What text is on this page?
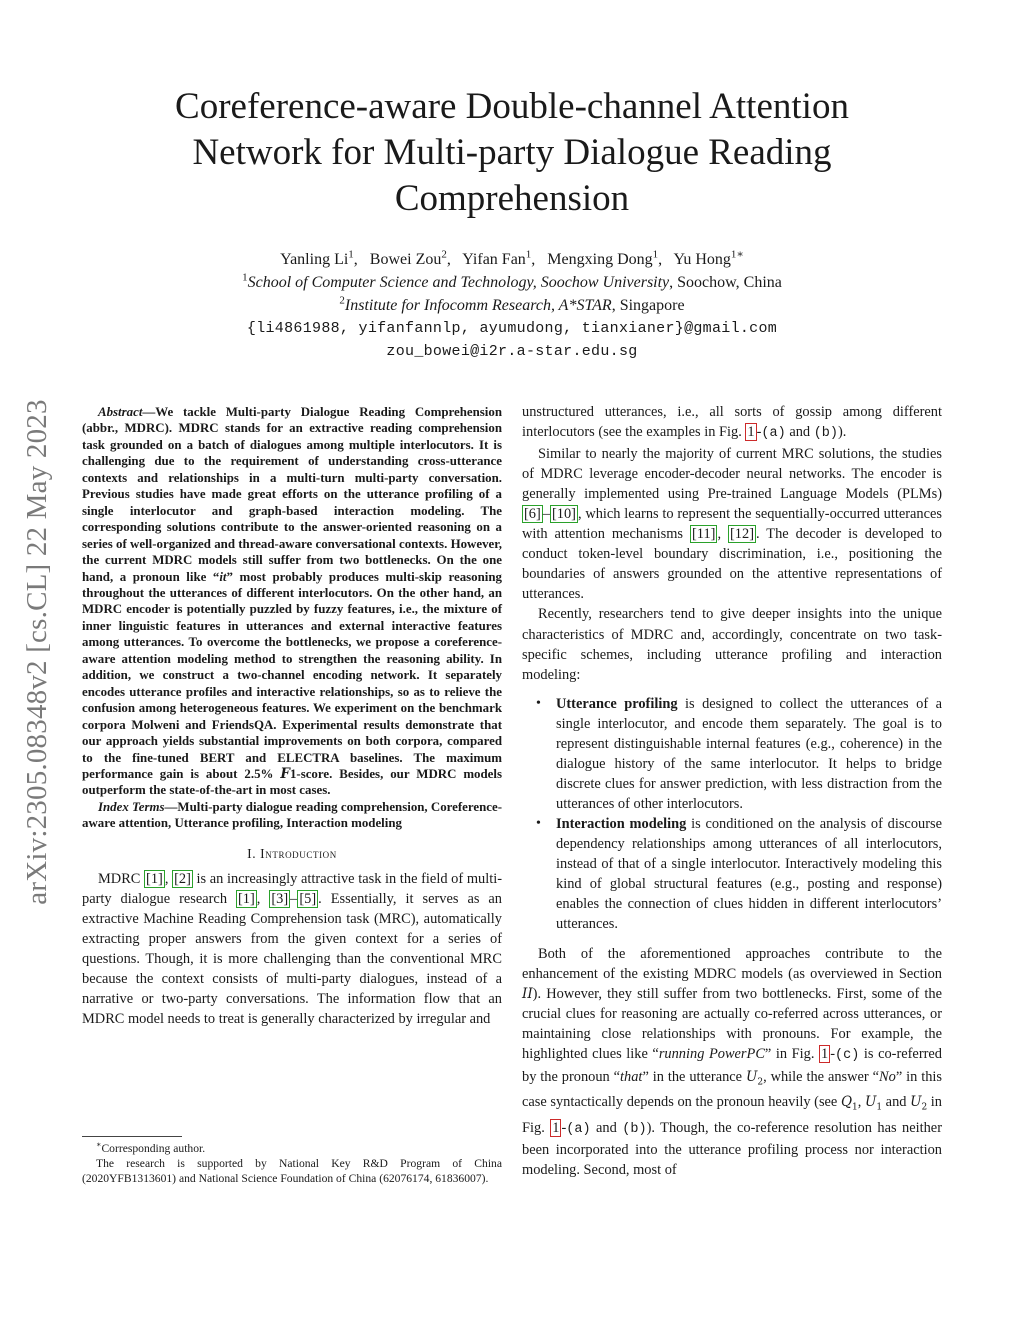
arXiv:2305.08348v2 [cs.CL] 22 May 2023
Coreference-aware Double-channel Attention
Network for Multi-party Dialogue Reading
Comprehension
Yanling Li$^1$,   Bowei Zou$^2$,   Yifan Fan$^1$,   Mengxing Dong$^1$,   Yu Hong$^{1∗}$
$^1$School of Computer Science and Technology, Soochow University, Soochow, China
$^2$Institute for Infocomm Research, A*STAR, Singapore
{li4861988, yifanfannlp, ayumudong, tianxianer}@gmail.com
zou_bowei@i2r.a-star.edu.sg

Abstract—We tackle Multi-party Dialogue Reading Comprehension (abbr., MDRC). MDRC stands for an extractive reading comprehension task grounded on a batch of dialogues among multiple interlocutors. It is challenging due to the requirement of understanding cross-utterance contexts and relationships in a multi-turn multi-party conversation. Previous studies have made great efforts on the utterance profiling of a single interlocutor and graph-based interaction modeling. The corresponding solutions contribute to the answer-oriented reasoning on a series of well-organized and thread-aware conversational contexts. However, the current MDRC models still suffer from two bottlenecks. On the one hand, a pronoun like “it” most probably produces multi-skip reasoning throughout the utterances of different interlocutors. On the other hand, an MDRC encoder is potentially puzzled by fuzzy features, i.e., the mixture of inner linguistic features in utterances and external interactive features among utterances. To overcome the bottlenecks, we propose a coreference-aware attention modeling method to strengthen the reasoning ability. In addition, we construct a two-channel encoding network. It separately encodes utterance profiles and interactive relationships, so as to relieve the confusion among heterogeneous features. We experiment on the benchmark corpora Molweni and FriendsQA. Experimental results demonstrate that our approach yields substantial improvements on both corpora, compared to the fine-tuned BERT and ELECTRA baselines. The maximum performance gain is about 2.5% F1-score. Besides, our MDRC models outperform the state-of-the-art in most cases.

Index Terms—Multi-party dialogue reading comprehension, Coreference-aware attention, Utterance profiling, Interaction modeling

I. Introduction

MDRC [1] , [2] is an increasingly attractive task in the field of multi-party dialogue research [1] , [3] – [5] . Essentially, it serves as an extractive Machine Reading Comprehension task (MRC), automatically extracting proper answers from the given context for a series of questions. Though, it is more challenging than the conventional MRC because the context consists of multi-party dialogues, instead of a narrative or two-party conversations. The information flow that an MDRC model needs to treat is generally characterized by irregular and

∗Corresponding author.

The research is supported by National Key R&D Program of China (2020YFB1313601) and National Science Foundation of China (62076174, 61836007).

unstructured utterances, i.e., all sorts of gossip among different interlocutors (see the examples in Fig. 1 -(a) and (b)).

Similar to nearly the majority of current MRC solutions, the studies of MDRC leverage encoder-decoder neural networks. The encoder is generally implemented using Pre-trained Language Models (PLMs) [6] – [10] , which learns to represent the sequentially-occurred utterances with attention mechanisms [11] , [12] . The decoder is developed to conduct token-level boundary discrimination, i.e., positioning the boundaries of answers grounded on the attentive representations of utterances.

Recently, researchers tend to give deeper insights into the unique characteristics of MDRC and, accordingly, concentrate on two task-specific schemes, including utterance profiling and interaction modeling:

• Utterance profiling is designed to collect the utterances of a single interlocutor, and encode them separately. The goal is to represent distinguishable internal features (e.g., coherence) in the dialogue history of the same interlocutor. It helps to bridge discrete clues for answer prediction, with less distraction from the utterances of other interlocutors.
• Interaction modeling is conditioned on the analysis of discourse dependency relationships among utterances of all interlocutors, instead of that of a single interlocutor. Interactively modeling this kind of global structural features (e.g., posting and response) enables the connection of clues hidden in different interlocutors’ utterances.

Both of the aforementioned approaches contribute to the enhancement of the existing MDRC models (as overviewed in Section II). However, they still suffer from two bottlenecks. First, some of the crucial clues for reasoning are actually co-referred across utterances, or maintaining close relationships with pronouns. For example, the highlighted clues like “running PowerPC” in Fig. 1 -(c) is co-referred by the pronoun “that” in the utterance $U_2$, while the answer “No” in this case syntactically depends on the pronoun heavily (see $Q_1$, $U_1$ and $U_2$ in Fig. 1 -(a) and (b)). Though, the co-reference resolution has neither been incorporated into the utterance profiling process nor interaction modeling. Second, most of
